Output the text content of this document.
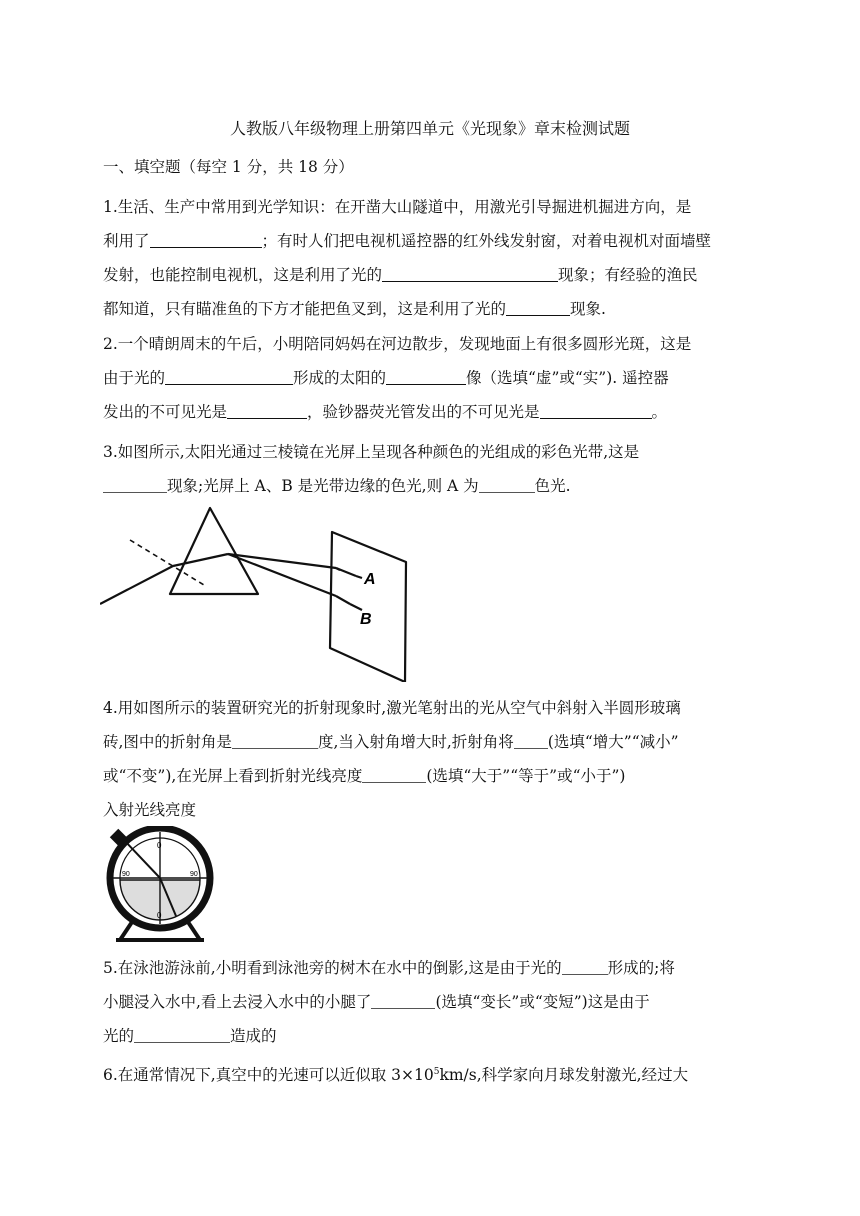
人教版八年级物理上册第四单元《光现象》章末检测试题
一、填空题（每空 1 分，共 18 分）
1.生活、生产中常用到光学知识：在开凿大山隧道中，用激光引导掘进机掘进方向，是
利用了	；有时人们把电视机遥控器的红外线发射窗，对着电视机对面墙壁
发射，也能控制电视机，这是利用了光的	现象；有经验的渔民
都知道，只有瞄准鱼的下方才能把鱼叉到，这是利用了光的	现象.
2.一个晴朗周末的午后，小明陪同妈妈在河边散步，发现地面上有很多圆形光斑，这是
由于光的	形成的太阳的	像（选填“虚”或“实”). 遥控器
发出的不可见光是	，验钞器荧光管发出的不可见光是	。
3.如图所示,太阳光通过三棱镜在光屏上呈现各种颜色的光组成的彩色光带,这是
现象;光屏上 A、B 是光带边缘的色光,则 A 为	色光.
A
B
4.用如图所示的装置研究光的折射现象时,激光笔射出的光从空气中斜射入半圆形玻璃
砖,图中的折射角是	度,当入射角增大时,折射角将 (选填“增大”“减小”
或“不变”),在光屏上看到折射光线亮度	(选填“大于”“等于”或“小于”)
入射光线亮度
0
0
90	90
5.在泳池游泳前,小明看到泳池旁的树木在水中的倒影,这是由于光的	形成的;将
小腿浸入水中,看上去浸入水中的小腿了	(选填“变长”或“变短”)这是由于
光的	造成的
6.在通常情况下,真空中的光速可以近似取 $3\times 10^5km/s$,科学家向月球发射激光,经过大
